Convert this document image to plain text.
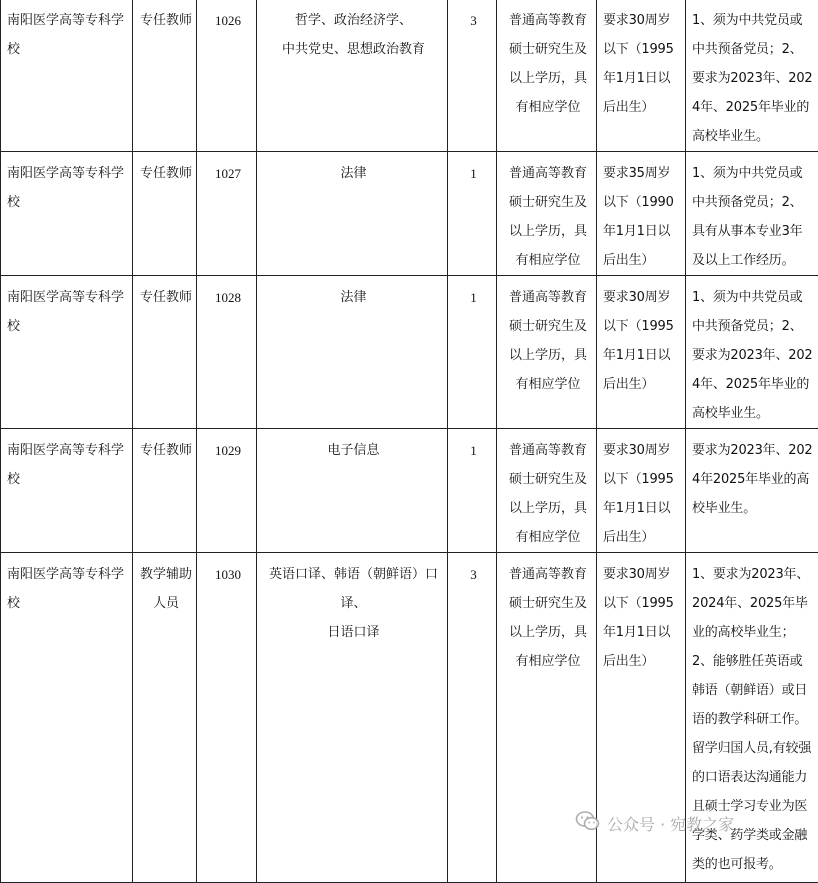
南阳医学高等专科学校	专任教师	1026	哲学、政治经济学、
中共党史、思想政治教育	3	普通高等教育硕士研究生及以上学历，具有相应学位	要求30周岁以下（1995年1月1日以后出生）	1、须为中共党员或中共预备党员；2、要求为2023年、2024年、2025年毕业的高校毕业生。
南阳医学高等专科学校	专任教师	1027	法律	1	普通高等教育硕士研究生及以上学历，具有相应学位	要求35周岁以下（1990年1月1日以后出生）	1、须为中共党员或中共预备党员；2、具有从事本专业3年及以上工作经历。
南阳医学高等专科学校	专任教师	1028	法律	1	普通高等教育硕士研究生及以上学历，具有相应学位	要求30周岁以下（1995年1月1日以后出生）	1、须为中共党员或中共预备党员；2、要求为2023年、2024年、2025年毕业的高校毕业生。
南阳医学高等专科学校	专任教师	1029	电子信息	1	普通高等教育硕士研究生及以上学历，具有相应学位	要求30周岁以下（1995年1月1日以后出生）	要求为2023年、2024年2025年毕业的高校毕业生。
南阳医学高等专科学校	教学辅助人员	1030	英语口译、韩语（朝鲜语）口译、
日语口译	3	普通高等教育硕士研究生及以上学历，具有相应学位	要求30周岁以下（1995年1月1日以后出生）	1、要求为2023年、2024年、2025年毕业的高校毕业生；2、能够胜任英语或韩语（朝鲜语）或日语的教学科研工作。留学归国人员,有较强的口语表达沟通能力且硕士学习专业为医学类、药学类或金融类的也可报考。
公众号 · 宛教之家
